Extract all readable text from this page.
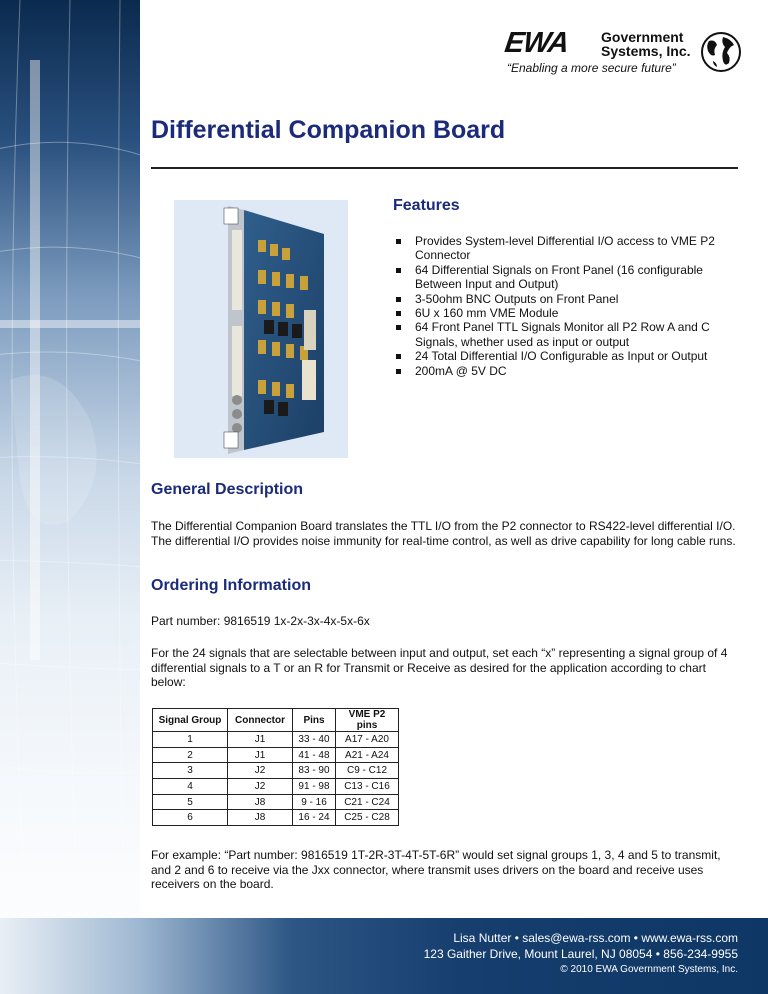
EWA Government
Systems, Inc.
“Enabling a more secure future”
Differential Companion Board
Features
Provides System-level Differential I/O access to VME P2 Connector
64 Differential Signals on Front Panel (16 configurable Between Input and Output)
3-50ohm BNC Outputs on Front Panel
6U x 160 mm VME Module
64 Front Panel TTL Signals Monitor all P2 Row A and C Signals, whether used as input or output
24 Total Differential I/O Configurable as Input or Output
200mA @ 5V DC
General Description
The Differential Companion Board translates the TTL I/O from the P2 connector to RS422-level differential I/O. The differential I/O provides noise immunity for real-time control, as well as drive capability for long cable runs.
Ordering Information
Part number: 9816519 1x-2x-3x-4x-5x-6x
For the 24 signals that are selectable between input and output, set each “x” representing a signal group of 4 differential signals to a T or an R for Transmit or Receive as desired for the application according to chart below:
Signal Group	Connector	Pins	VME P2 pins
1	J1	33 - 40	A17 - A20
2	J1	41 - 48	A21 - A24
3	J2	83 - 90	C9 - C12
4	J2	91 - 98	C13 - C16
5	J8	9 - 16	C21 - C24
6	J8	16 - 24	C25 - C28
For example: “Part number: 9816519 1T-2R-3T-4T-5T-6R” would set signal groups 1, 3, 4 and 5 to transmit, and 2 and 6 to receive via the Jxx connector, where transmit uses drivers on the board and receive uses receivers on the board.
Lisa Nutter • sales@ewa-rss.com • www.ewa-rss.com
123 Gaither Drive, Mount Laurel, NJ 08054 • 856-234-9955
© 2010 EWA Government Systems, Inc.
